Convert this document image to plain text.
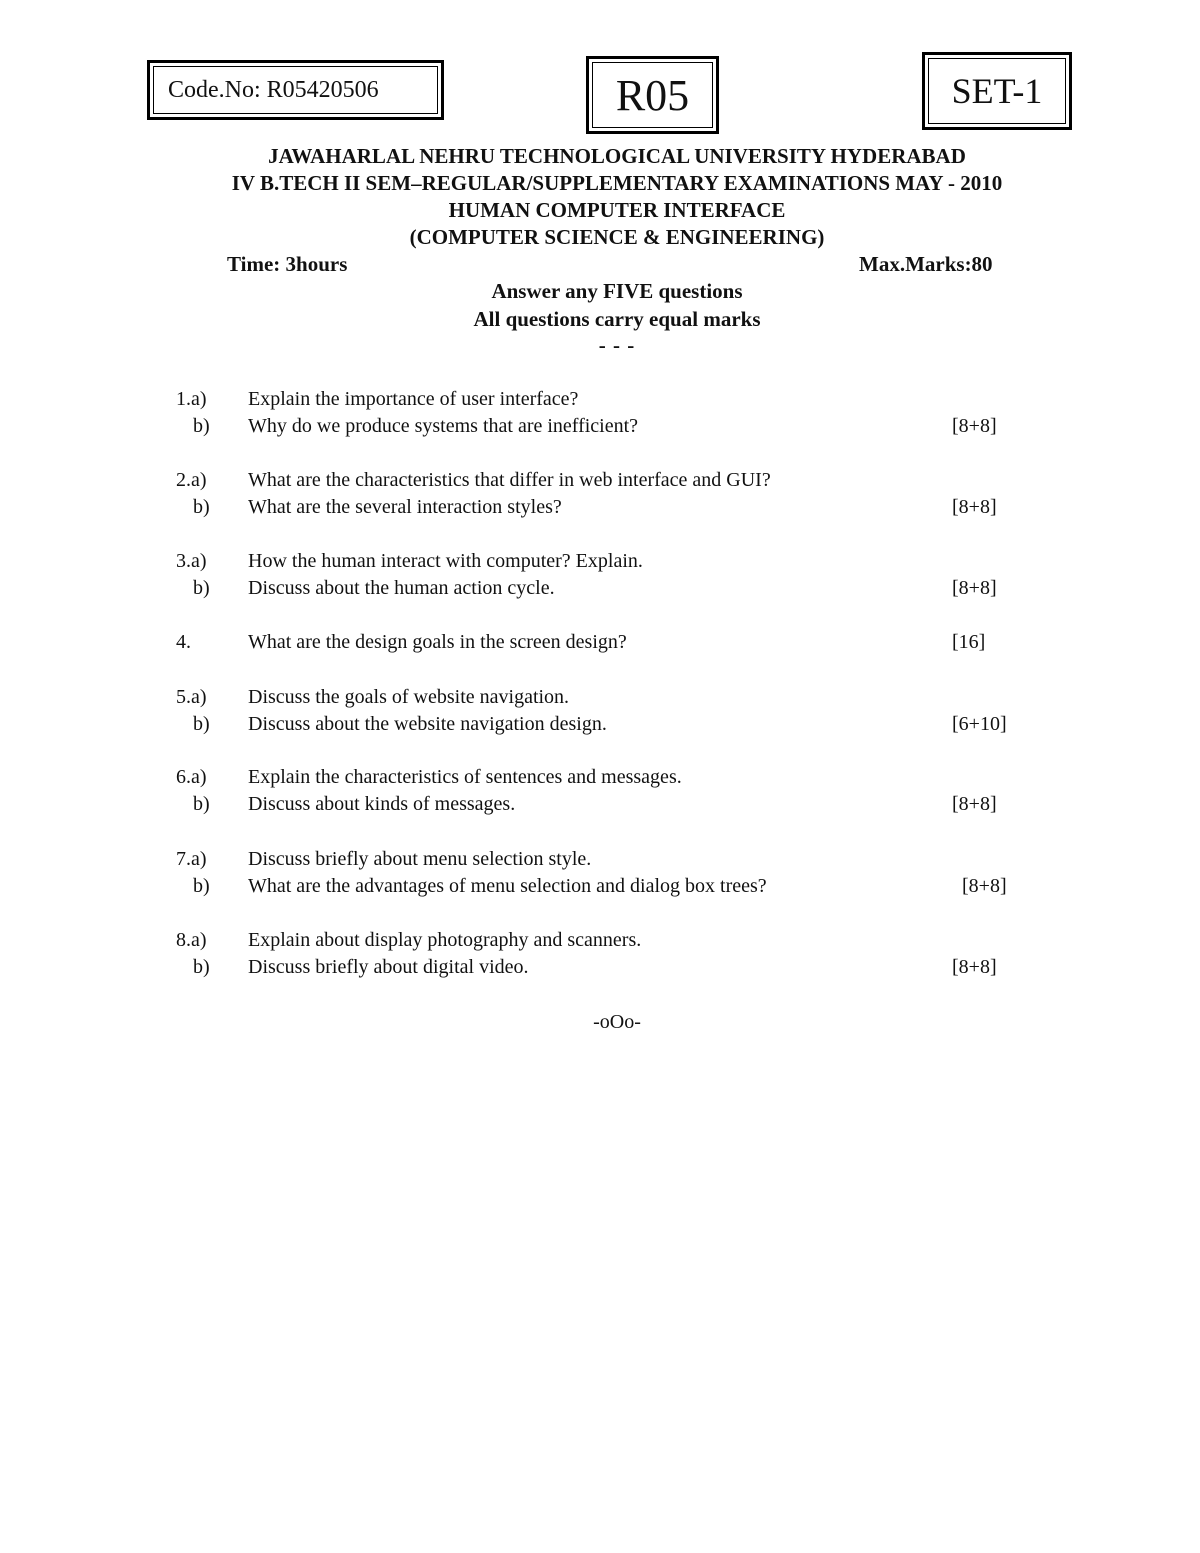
Code.No: R05420506	R05	SET-1
JAWAHARLAL NEHRU TECHNOLOGICAL UNIVERSITY HYDERABAD
IV B.TECH II SEM–REGULAR/SUPPLEMENTARY EXAMINATIONS MAY - 2010
HUMAN COMPUTER INTERFACE
(COMPUTER SCIENCE & ENGINEERING)
Time: 3hours	Max.Marks:80
Answer any FIVE questions
All questions carry equal marks
- - -
1.a) Explain the importance of user interface?
b) Why do we produce systems that are inefficient?	[8+8]
2.a) What are the characteristics that differ in web interface and GUI?
b) What are the several interaction styles?	[8+8]
3.a) How the human interact with computer? Explain.
b) Discuss about the human action cycle.	[8+8]
4.	What are the design goals in the screen design?	[16]
5.a) Discuss the goals of website navigation.
b) Discuss about the website navigation design.	[6+10]
6.a) Explain the characteristics of sentences and messages.
b) Discuss about kinds of messages.	[8+8]
7.a) Discuss briefly about menu selection style.
b) What are the advantages of menu selection and dialog box trees?	[8+8]
8.a) Explain about display photography and scanners.
b) Discuss briefly about digital video.	[8+8]
-oOo-
